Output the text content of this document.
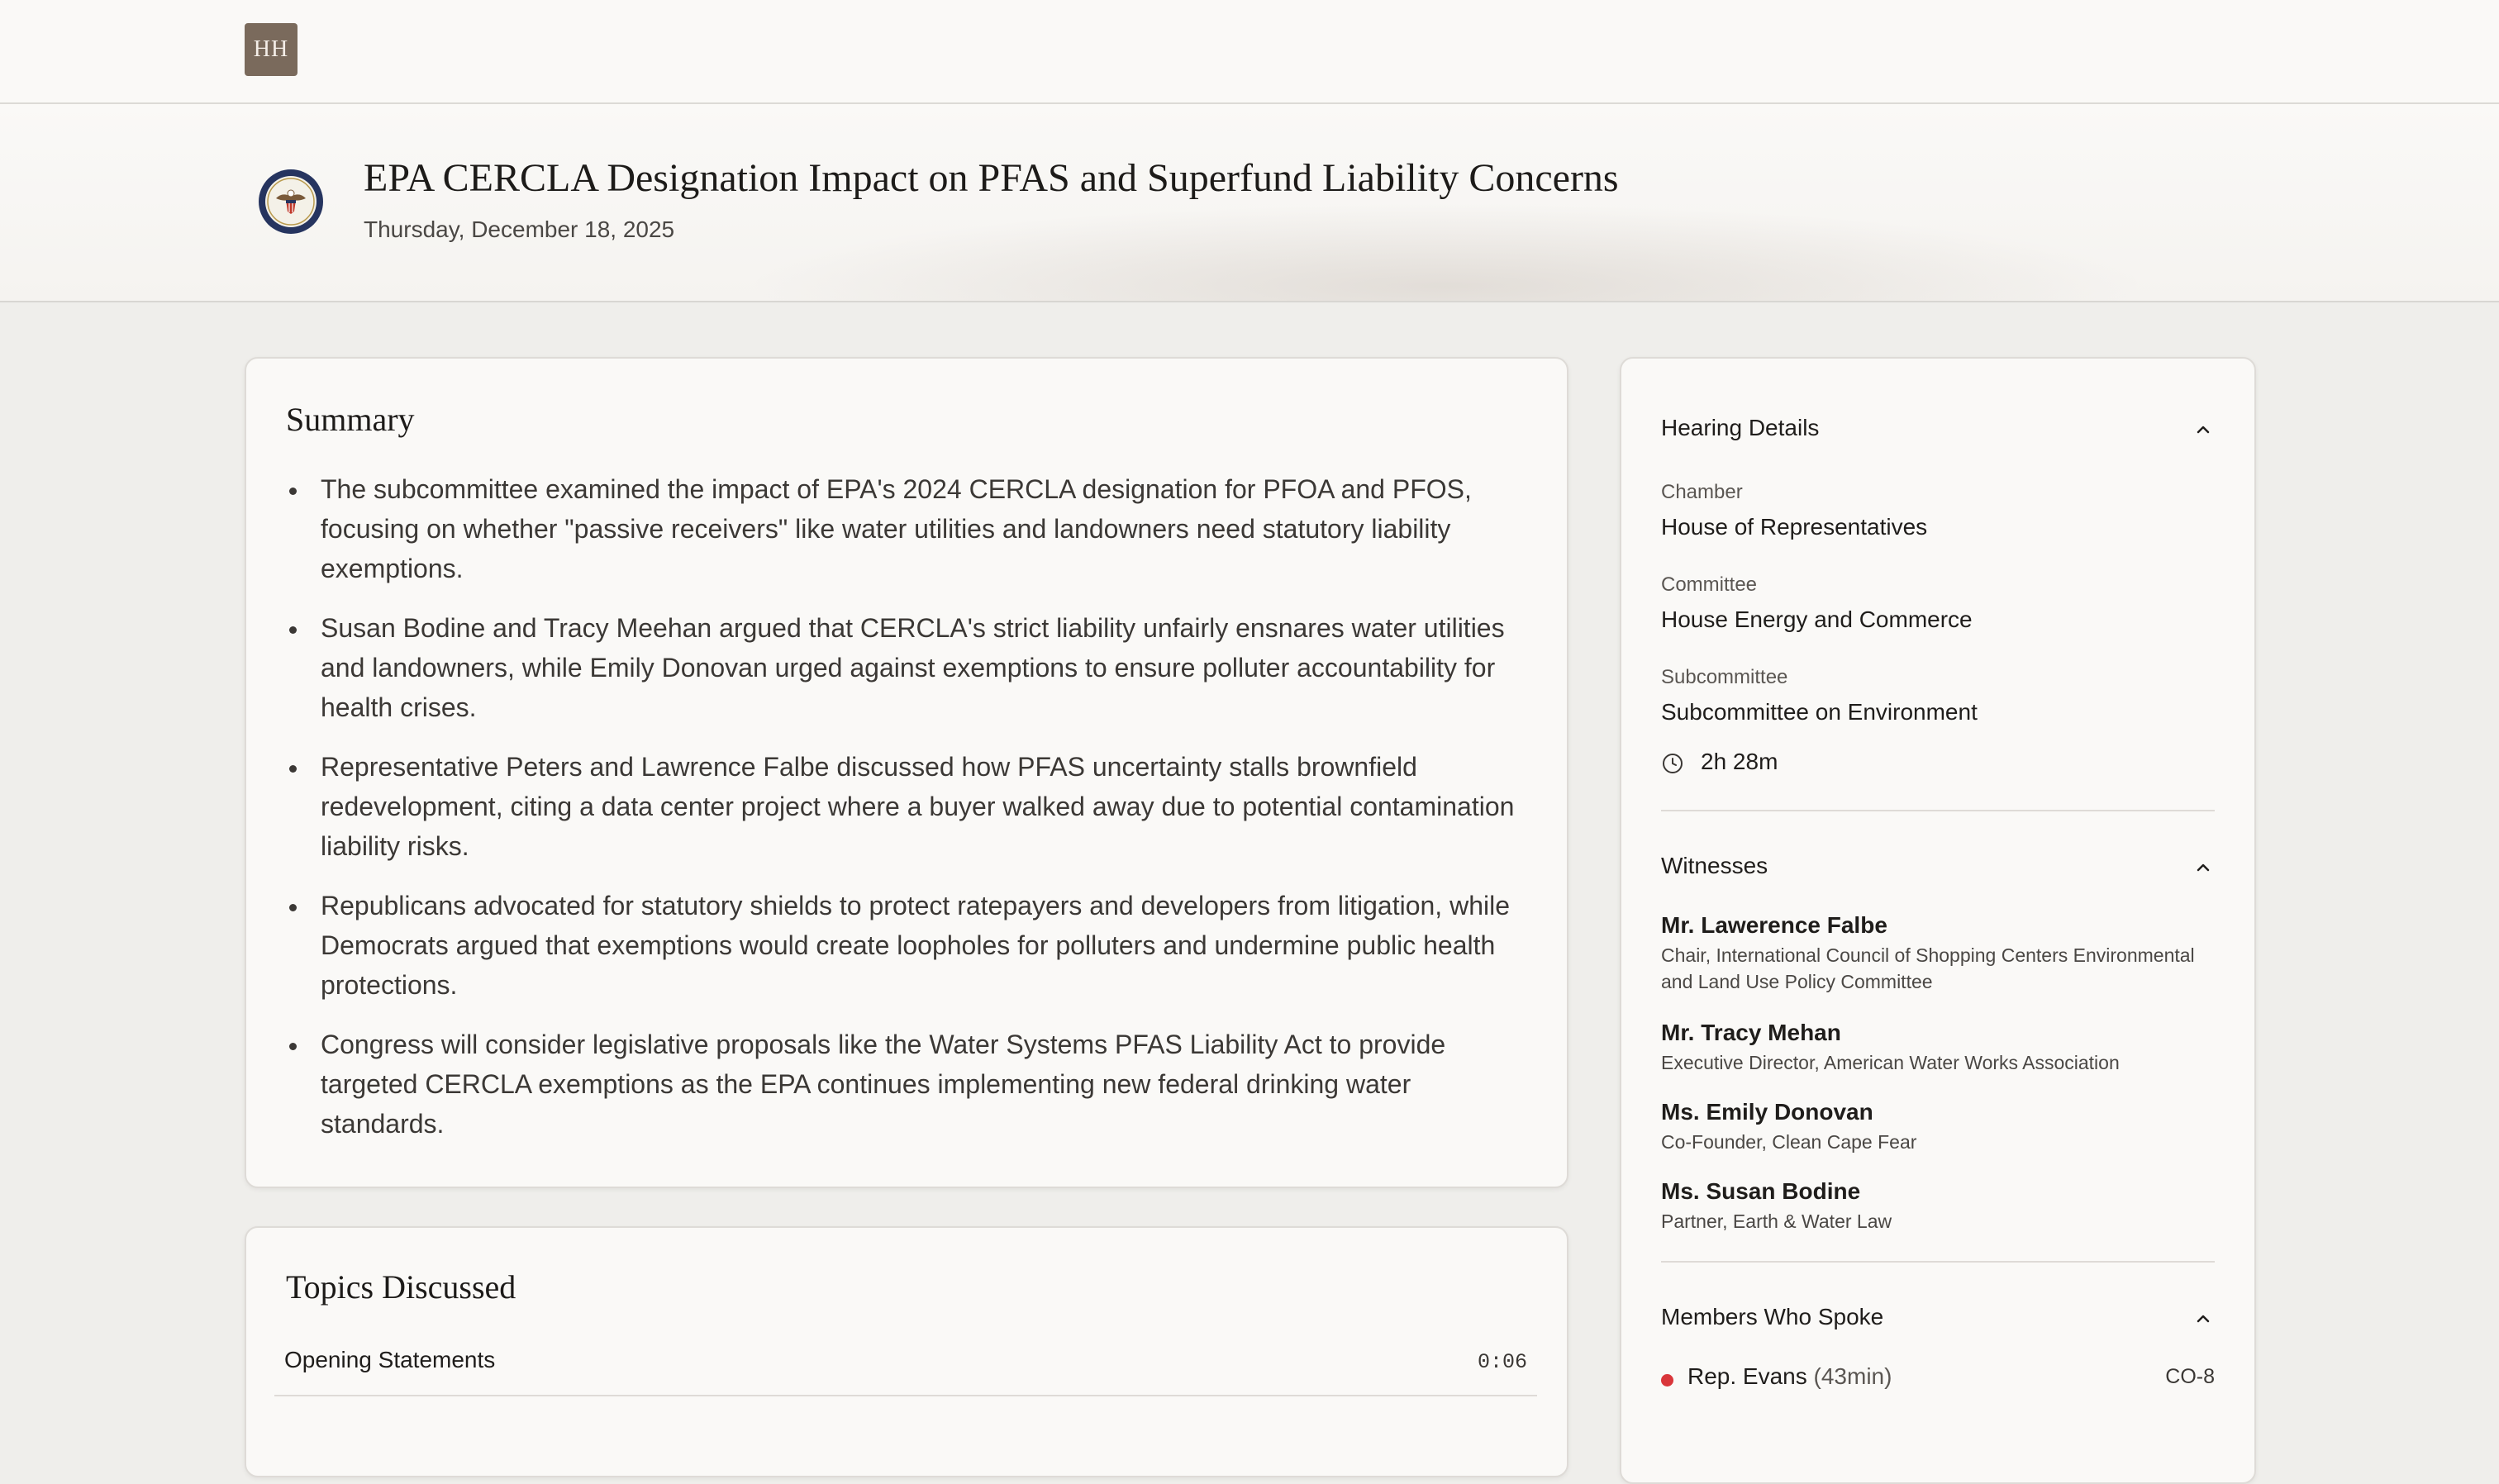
HH
EPA CERCLA Designation Impact on PFAS and Superfund Liability Concerns
Thursday, December 18, 2025
Summary
The subcommittee examined the impact of EPA's 2024 CERCLA designation for PFOA and PFOS, focusing on whether "passive receivers" like water utilities and landowners need statutory liability exemptions.
Susan Bodine and Tracy Meehan argued that CERCLA's strict liability unfairly ensnares water utilities and landowners, while Emily Donovan urged against exemptions to ensure polluter accountability for health crises.
Representative Peters and Lawrence Falbe discussed how PFAS uncertainty stalls brownfield redevelopment, citing a data center project where a buyer walked away due to potential contamination liability risks.
Republicans advocated for statutory shields to protect ratepayers and developers from litigation, while Democrats argued that exemptions would create loopholes for polluters and undermine public health protections.
Congress will consider legislative proposals like the Water Systems PFAS Liability Act to provide targeted CERCLA exemptions as the EPA continues implementing new federal drinking water standards.
Topics Discussed
Opening Statements	0:06
Hearing Details
Chamber
House of Representatives
Committee
House Energy and Commerce
Subcommittee
Subcommittee on Environment
2h 28m
Witnesses
Mr. Lawerence Falbe
Chair, International Council of Shopping Centers Environmental and Land Use Policy Committee
Mr. Tracy Mehan
Executive Director, American Water Works Association
Ms. Emily Donovan
Co-Founder, Clean Cape Fear
Ms. Susan Bodine
Partner, Earth & Water Law
Members Who Spoke
Rep. Evans (43min)	CO-8
